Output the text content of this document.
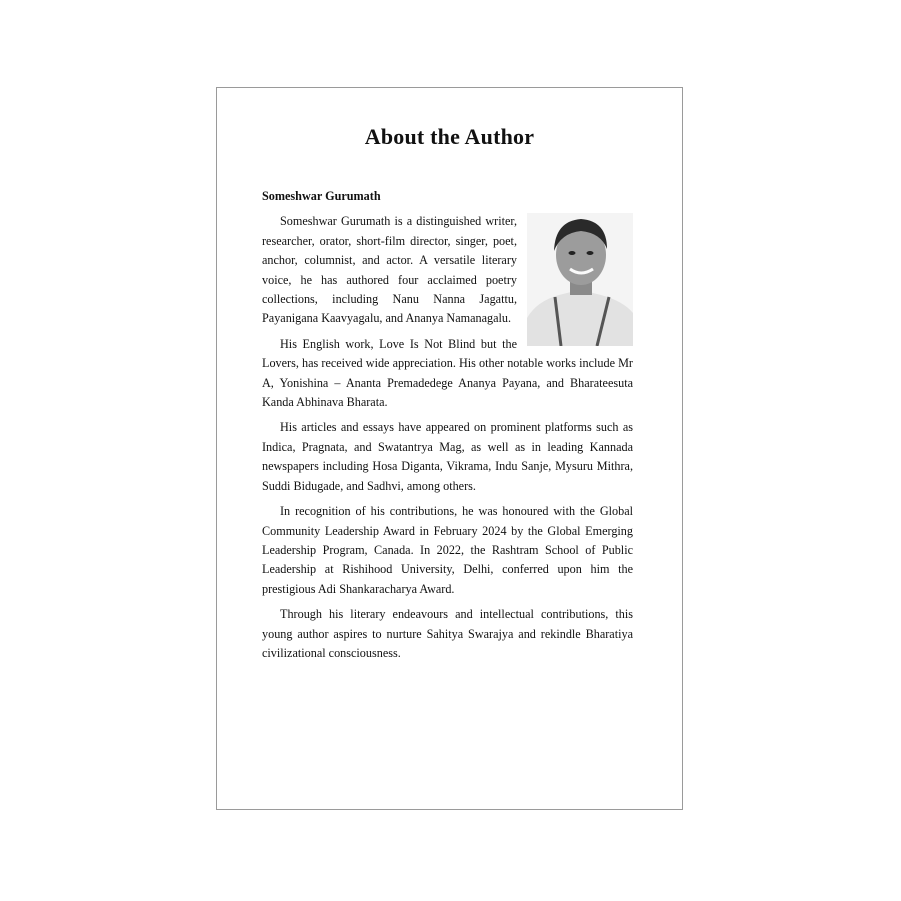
About the Author
Someshwar Gurumath

Someshwar Gurumath is a distinguished writer, researcher, orator, short-film director, singer, poet, anchor, columnist, and actor. A versatile literary voice, he has authored four acclaimed poetry collections, including Nanu Nanna Jagattu, Payanigana Kaavyagalu, and Ananya Namanagalu.

His English work, Love Is Not Blind but the Lovers, has received wide appreciation. His other notable works include Mr A, Yonishina – Ananta Premadedege Ananya Payana, and Bharateesuta Kanda Abhinava Bharata.

His articles and essays have appeared on prominent platforms such as Indica, Pragnata, and Swatantrya Mag, as well as in leading Kannada newspapers including Hosa Diganta, Vikrama, Indu Sanje, Mysuru Mithra, Suddi Bidugade, and Sadhvi, among others.

In recognition of his contributions, he was honoured with the Global Community Leadership Award in February 2024 by the Global Emerging Leadership Program, Canada. In 2022, the Rashtram School of Public Leadership at Rishihood University, Delhi, conferred upon him the prestigious Adi Shankaracharya Award.

Through his literary endeavours and intellectual contributions, this young author aspires to nurture Sahitya Swarajya and rekindle Bharatiya civilizational consciousness.
